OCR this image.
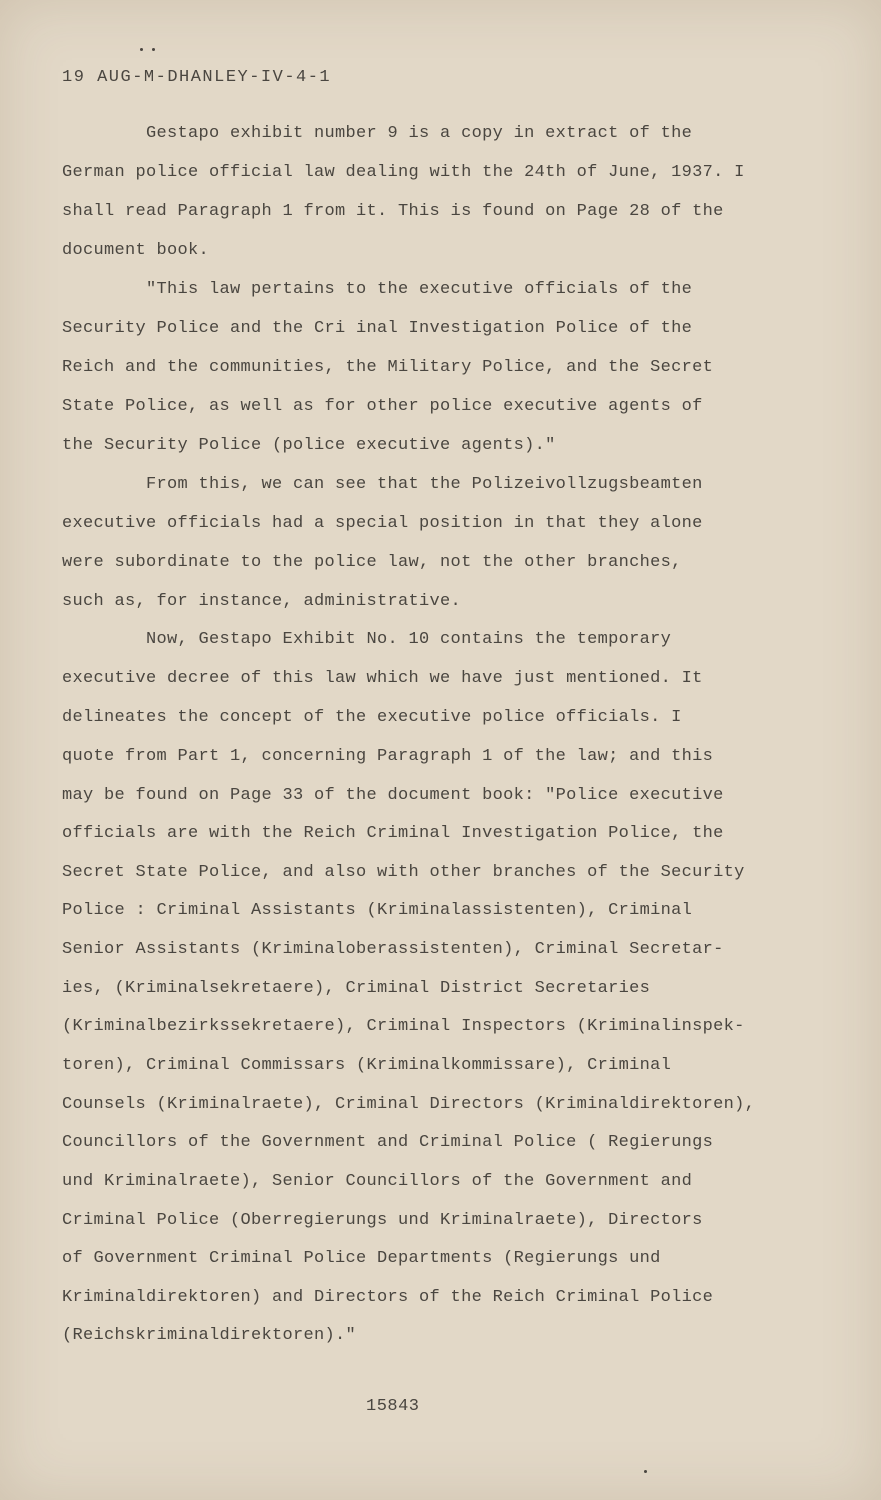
19 AUG-M-DHANLEY-IV-4-1
Gestapo exhibit number 9 is a copy in extract of the
German police official law dealing with the 24th of June, 1937. I
shall read Paragraph 1 from it. This is found on Page 28 of the
document book.
"This law pertains to the executive officials of the
Security Police and the Cri inal Investigation Police of the
Reich and the communities, the Military Police, and the Secret
State Police, as well as for other police executive agents of
the Security Police (police executive agents)."
From this, we can see that the Polizeivollzugsbeamten
executive officials had a special position in that they alone
were subordinate to the police law, not the other branches,
such as, for instance, administrative.
Now, Gestapo Exhibit No. 10 contains the temporary
executive decree of this law which we have just mentioned. It
delineates the concept of the executive police officials. I
quote from Part 1, concerning Paragraph 1 of the law; and this
may be found on Page 33 of the document book: "Police executive
officials are with the Reich Criminal Investigation Police, the
Secret State Police, and also with other branches of the Security
Police : Criminal Assistants (Kriminalassistenten), Criminal
Senior Assistants (Kriminaloberassistenten), Criminal Secretar-
ies, (Kriminalsekretaere), Criminal District Secretaries
(Kriminalbezirkssekretaere), Criminal Inspectors (Kriminalinspek-
toren), Criminal Commissars (Kriminalkommissare), Criminal
Counsels (Kriminalraete), Criminal Directors (Kriminaldirektoren),
Councillors of the Government and Criminal Police ( Regierungs
und Kriminalraete), Senior Councillors of the Government and
Criminal Police (Oberregierungs und Kriminalraete), Directors
of Government Criminal Police Departments (Regierungs und
Kriminaldirektoren) and Directors of the Reich Criminal Police
(Reichskriminaldirektoren)."
15843
